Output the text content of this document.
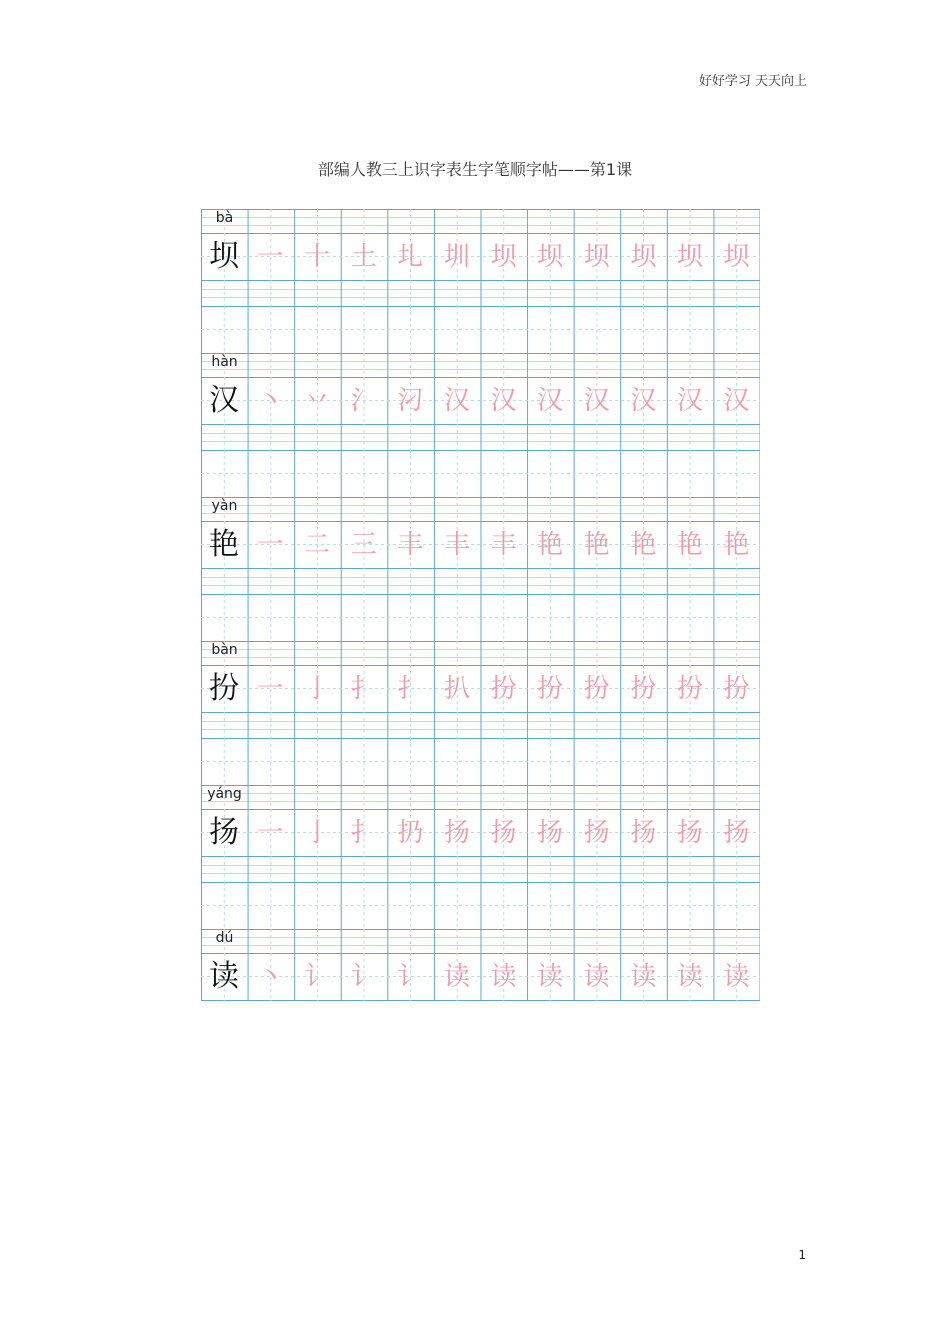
好好学习 天天向上
部编人教三上识字表生字笔顺字帖——第1课
bà
坝 一 十 土 圠 圳 坝 坝 坝 坝 坝 坝
hàn
汉 丶 丷 氵 汈 汉 汉 汉 汉 汉 汉 汉
yàn
艳 一 二 三 丰 丰 丰 艳 艳 艳 艳 艳
bàn
扮 一 亅 扌 扌 扒 扮 扮 扮 扮 扮 扮
yáng
扬 一 亅 扌 扔 扬 扬 扬 扬 扬 扬 扬
dú
读 丶 讠 讠 讠 读 读 读 读 读 读 读
1
